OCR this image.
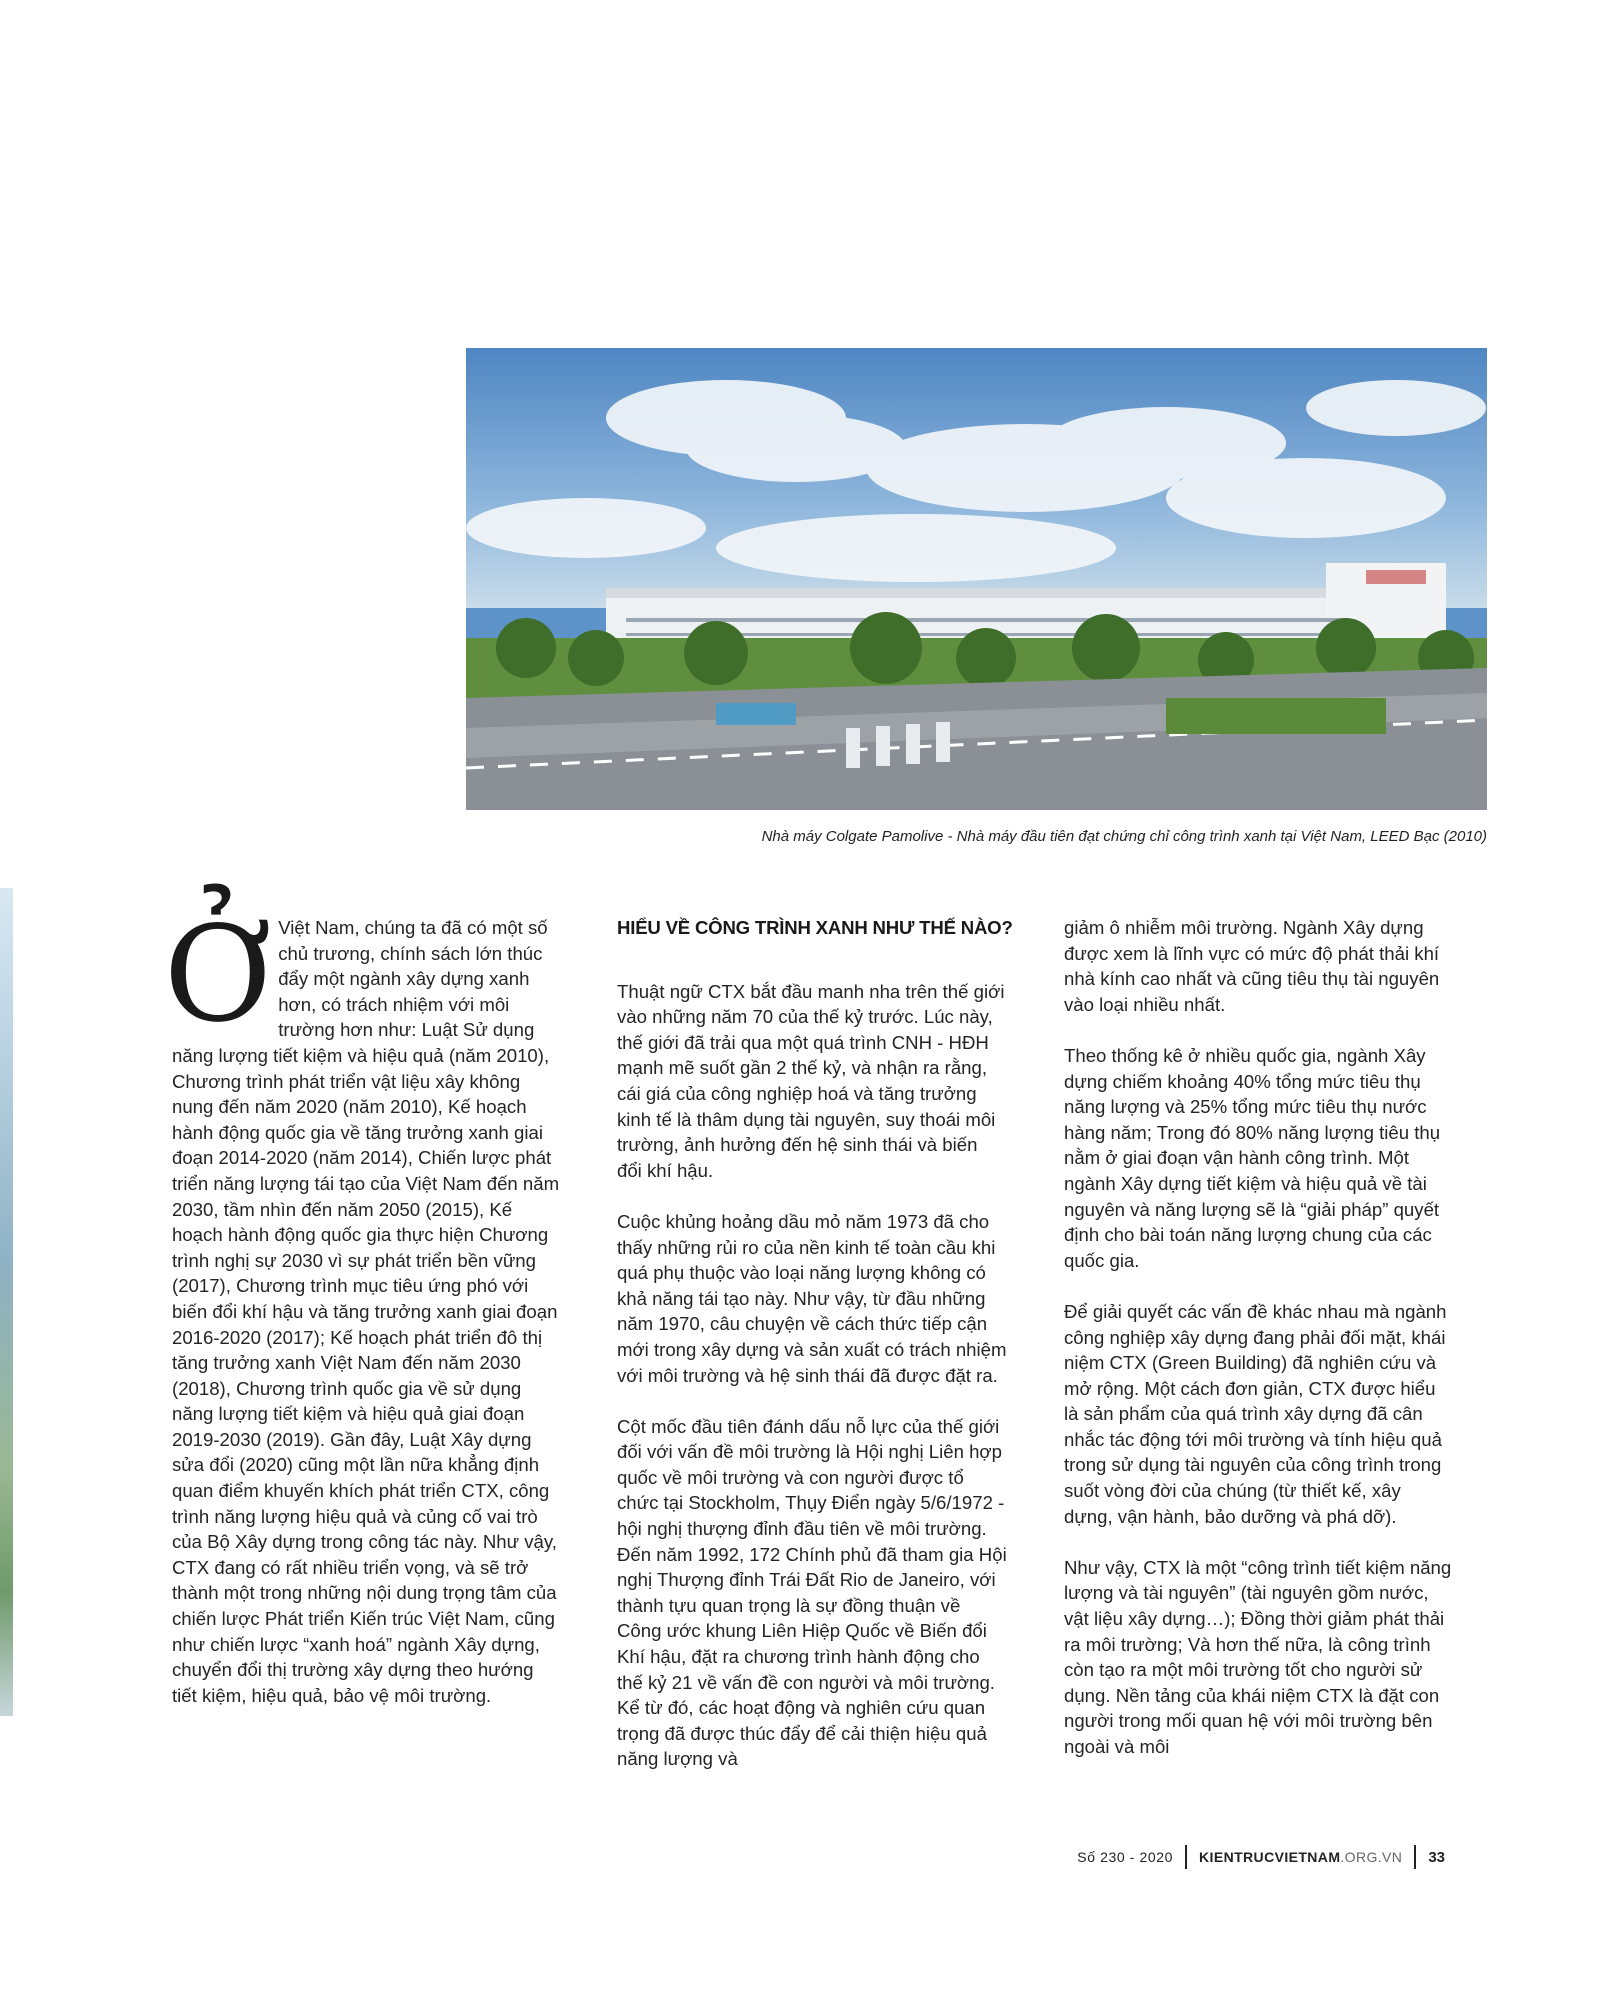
Nhà máy Colgate Pamolive - Nhà máy đầu tiên đạt chứng chỉ công trình xanh tại Việt Nam, LEED Bạc (2010)
Ở Việt Nam, chúng ta đã có một số chủ trương, chính sách lớn thúc đẩy một ngành xây dựng xanh hơn, có trách nhiệm với môi trường hơn như: Luật Sử dụng năng lượng tiết kiệm và hiệu quả (năm 2010), Chương trình phát triển vật liệu xây không nung đến năm 2020 (năm 2010), Kế hoạch hành động quốc gia về tăng trưởng xanh giai đoạn 2014-2020 (năm 2014), Chiến lược phát triển năng lượng tái tạo của Việt Nam đến năm 2030, tầm nhìn đến năm 2050 (2015), Kế hoạch hành động quốc gia thực hiện Chương trình nghị sự 2030 vì sự phát triển bền vững (2017), Chương trình mục tiêu ứng phó với biến đổi khí hậu và tăng trưởng xanh giai đoạn 2016-2020 (2017); Kế hoạch phát triển đô thị tăng trưởng xanh Việt Nam đến năm 2030 (2018), Chương trình quốc gia về sử dụng năng lượng tiết kiệm và hiệu quả giai đoạn 2019-2030 (2019). Gần đây, Luật Xây dựng sửa đổi (2020) cũng một lần nữa khẳng định quan điểm khuyến khích phát triển CTX, công trình năng lượng hiệu quả và củng cố vai trò của Bộ Xây dựng trong công tác này. Như vậy, CTX đang có rất nhiều triển vọng, và sẽ trở thành một trong những nội dung trọng tâm của chiến lược Phát triển Kiến trúc Việt Nam, cũng như chiến lược “xanh hoá” ngành Xây dựng, chuyển đổi thị trường xây dựng theo hướng tiết kiệm, hiệu quả, bảo vệ môi trường.

HIỂU VỀ CÔNG TRÌNH XANH NHƯ THẾ NÀO?

Thuật ngữ CTX bắt đầu manh nha trên thế giới vào những năm 70 của thế kỷ trước. Lúc này, thế giới đã trải qua một quá trình CNH - HĐH mạnh mẽ suốt gần 2 thế kỷ, và nhận ra rằng, cái giá của công nghiệp hoá và tăng trưởng kinh tế là thâm dụng tài nguyên, suy thoái môi trường, ảnh hưởng đến hệ sinh thái và biến đổi khí hậu.

Cuộc khủng hoảng dầu mỏ năm 1973 đã cho thấy những rủi ro của nền kinh tế toàn cầu khi quá phụ thuộc vào loại năng lượng không có khả năng tái tạo này. Như vậy, từ đầu những năm 1970, câu chuyện về cách thức tiếp cận mới trong xây dựng và sản xuất có trách nhiệm với môi trường và hệ sinh thái đã được đặt ra.

Cột mốc đầu tiên đánh dấu nỗ lực của thế giới đối với vấn đề môi trường là Hội nghị Liên hợp quốc về môi trường và con người được tổ chức tại Stockholm, Thụy Điển ngày 5/6/1972 - hội nghị thượng đỉnh đầu tiên về môi trường. Đến năm 1992, 172 Chính phủ đã tham gia Hội nghị Thượng đỉnh Trái Đất Rio de Janeiro, với thành tựu quan trọng là sự đồng thuận về Công ước khung Liên Hiệp Quốc về Biến đổi Khí hậu, đặt ra chương trình hành động cho thế kỷ 21 về vấn đề con người và môi trường. Kể từ đó, các hoạt động và nghiên cứu quan trọng đã được thúc đẩy để cải thiện hiệu quả năng lượng và

giảm ô nhiễm môi trường. Ngành Xây dựng được xem là lĩnh vực có mức độ phát thải khí nhà kính cao nhất và cũng tiêu thụ tài nguyên vào loại nhiều nhất.

Theo thống kê ở nhiều quốc gia, ngành Xây dựng chiếm khoảng 40% tổng mức tiêu thụ năng lượng và 25% tổng mức tiêu thụ nước hàng năm; Trong đó 80% năng lượng tiêu thụ nằm ở giai đoạn vận hành công trình. Một ngành Xây dựng tiết kiệm và hiệu quả về tài nguyên và năng lượng sẽ là “giải pháp” quyết định cho bài toán năng lượng chung của các quốc gia.

Để giải quyết các vấn đề khác nhau mà ngành công nghiệp xây dựng đang phải đối mặt, khái niệm CTX (Green Building) đã nghiên cứu và mở rộng. Một cách đơn giản, CTX được hiểu là sản phẩm của quá trình xây dựng đã cân nhắc tác động tới môi trường và tính hiệu quả trong sử dụng tài nguyên của công trình trong suốt vòng đời của chúng (từ thiết kế, xây dựng, vận hành, bảo dưỡng và phá dỡ).

Như vậy, CTX là một “công trình tiết kiệm năng lượng và tài nguyên” (tài nguyên gồm nước, vật liệu xây dựng…); Đồng thời giảm phát thải ra môi trường; Và hơn thế nữa, là công trình còn tạo ra một môi trường tốt cho người sử dụng. Nền tảng của khái niệm CTX là đặt con người trong mối quan hệ với môi trường bên ngoài và môi

Số 230 - 2020 KIENTRUCVIETNAM.ORG.VN 33
